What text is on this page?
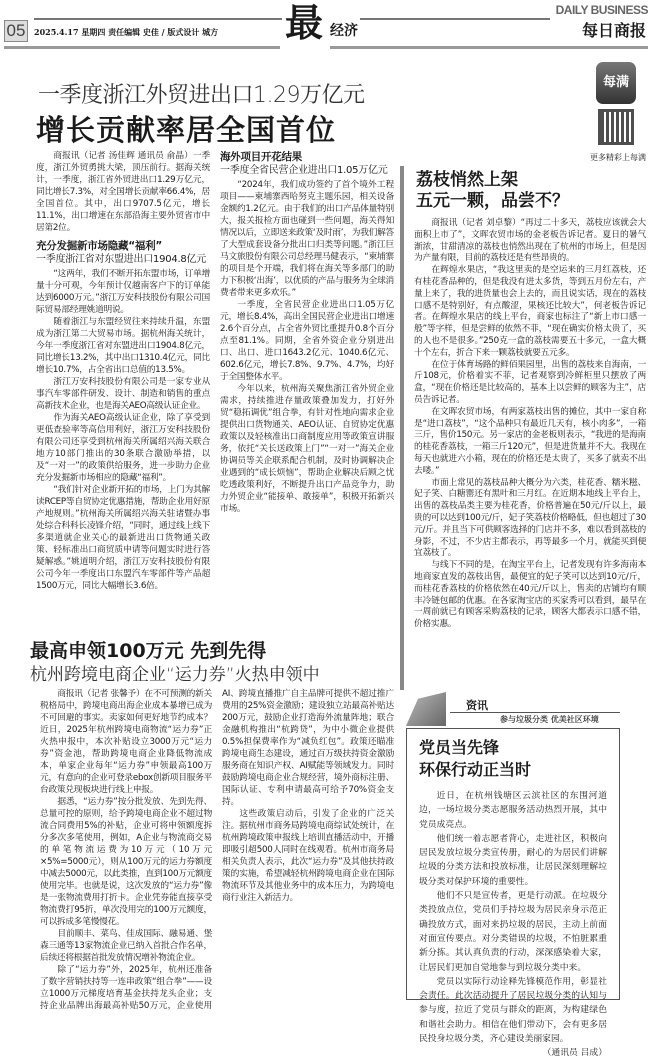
05	2025.4.17 星期四 责任编辑 史佳 / 版式设计 城方 最 经济
DAILY BUSINESS
每日商报
每满
更多精彩上每满
一季度浙江外贸进出口1.29万亿元
增长贡献率居全国首位

商报讯（记者 汤佳辉 通讯员 俞晶）一季度，浙江外贸勇挑大梁，顶压前行。据海关统计，一季度，浙江省外贸进出口1.29万亿元，同比增长7.3%，对全国增长贡献率66.4%，居全国首位。其中，出口9707.5亿元，增长11.1%，出口增速在东部沿海主要外贸省市中居第2位。

充分发掘新市场隐藏“福利”
一季度浙江省对东盟进出口1904.8亿元

“这两年，我们不断开拓东盟市场，订单增量十分可观，今年预计仅越南客户下的订单能达到6000万元。”浙江万安科技股份有限公司国际贸易部经理姚道明说。

随着浙江与东盟经贸往来持续升温，东盟成为浙江第二大贸易市场。据杭州海关统计，今年一季度浙江省对东盟进出口1904.8亿元，同比增长13.2%，其中出口1310.4亿元，同比增长10.7%，占全省出口总值的13.5%。

浙江万安科技股份有限公司是一家专业从事汽车零部件研发、设计、制造和销售的重点高新技术企业，也是海关AEO高级认证企业。

作为海关AEO高级认证企业，除了享受到更低查验率等高信用利好，浙江万安科技股份有限公司还享受到杭州海关所属绍兴海关联合地方10部门推出的30条联合激励举措，以及“一对一”的政策供给服务，进一步助力企业充分发掘新市场相应的隐藏“福利”。

“我们针对企业新开拓的市场，上门为其解读RCEP等自贸协定优惠措施，帮助企业用好原产地规则。”杭州海关所属绍兴海关驻诸暨办事处综合科科长凌锋介绍，“同时，通过线上线下多渠道就企业关心的最新进出口货物通关政策、轻标准出口商贸质申请等问题实时进行答疑解惑。”姚道明介绍，浙江万安科技股份有限公司今年一季度出口东盟汽车零部件等产品超1500万元，同比大幅增长3.6倍。

海外项目开花结果
一季度全省民营企业进出口1.05万亿元

“2024年，我们成功签约了首个境外工程项目——柬埔寨西哈努克主题乐园，相关设备金额约1.2亿元。由于我们的出口产品体量特别大，报关报检方面也碰到一些问题，海关得知情况以后，立即送来政策‘及时雨’，为我们解答了大型成套设备分批出口归类等问题。”浙江巨马文旅股份有限公司总经理马健表示，“柬埔寨的项目是个开端，我们将在海关等多部门的助力下积极‘出海’，以优质的产品与服务为全球消费者带来更多欢乐。”

一季度，全省民营企业进出口1.05万亿元，增长8.4%，高出全国民营企业进出口增速2.6个百分点，占全省外贸比重提升0.8个百分点至81.1%。同期，全省外资企业分别进出口、出口、进口1643.2亿元、1040.6亿元、602.6亿元，增长7.8%、9.7%、4.7%，均好于全国整体水平。

今年以来，杭州海关聚焦浙江省外贸企业需求，持续推进存量政策叠加发力，打好外贸“稳拓调优”组合拳，有针对性地向需求企业提供出口货物通关、AEO认证、自贸协定优惠政策以及轻核准出口商制度应用等政策宣讲服务，依托“关长送政策上门”“一对一”海关企业协调员等关企联系配合机制，及时协调解决企业遇到的“成长烦恼”，帮助企业解决后顾之忧吃透政策利好，不断提升出口产品竞争力，助力外贸企业“能接单、敢接单”，积极开拓新兴市场。

荔枝悄然上架
五元一颗，品尝不？

商报讯（记者 刘卓黎）“再过二十多天，荔枝应该就会大面积上市了”，文晖农贸市场的金老板告诉记者。夏日的暑气渐浓，甘甜清凉的荔枝也悄然出现在了杭州的市场上，但是因为产量有限，目前的荔枝还是有些昂贵的。

在辉煌水果店，“我这里卖的是空运来的三月红荔枝，还有桂花香品种的，但是我没有进太多货，等到五月份左右，产量上来了，我的进货量也会上去的，而且说实话，现在的荔枝口感不是特别好，有点酸涩，果核还比较大”，何老板告诉记者。在辉煌水果店的线上平台，商家也标注了“新上市口感一般”等字样，但是尝鲜的依然不菲，“现在确实价格太贵了，买的人也不是很多。”250克一盒的荔枝需要五十多元，一盒大概十个左右，折合下来一颗荔枝就要五元多。

在位于体育场路的鲜佰果园里，出售的荔枝来自海南，一斤108元，价格着实不菲，记者观察到冷鲜柜里只摆放了两盒，“现在价格还是比较高的，基本上以尝鲜的顾客为主”，店员告诉记者。

在文晖农贸市场，有两家荔枝出售的摊位，其中一家自称是“进口荔枝”，“这个品种只有最近几天有，核小肉多”，一箱三斤，售价150元。另一家店的金老板则表示，“我进的是海南的桂花香荔枝，一箱三斤120元”，但是进货量并不大。我现在每天也就进六小箱，现在的价格还是太贵了，买多了就卖不出去喽。”

市面上常见的荔枝品种大概分为六类，桂花香、糯米糍、妃子笑、白糖罂还有黑叶和三月红。在近期本地线上平台上，出售的荔枝品类主要为桂花香，价格普遍在50元/斤以上，最贵的可以达到100元/斤，妃子笑荔枝价格略低，但也超过了30元/斤。并且当下可供顾客选择的门店并不多，难以看到荔枝的身影，不过，不少店主都表示，再等最多一个月，就能买到便宜荔枝了。

与线下不同的是，在淘宝平台上，记者发现有许多海南本地商家直发的荔枝出售，最便宜的妃子笑可以达到10元/斤，而桂花香荔枝的价格依然在40元/斤以上，售卖的店铺均有顺丰冷链包邮的优惠。在各家淘宝店的买家秀可以看到，最早在一周前就已有顾客采购荔枝的记录，顾客大都表示口感不错，价格实惠。

最高申领100万元 先到先得
杭州跨境电商企业“运力券”火热申领中

商报讯（记者 张馨予）在不可预测的新关税格局中，跨境电商出海企业成本暴增已成为不可回避的事实。卖家如何更好地节约成本？近日，2025年杭州跨境电商物流“运力券”正火热申报中，本次补贴设立3000万元“运力券”资金池，帮助跨境电商企业降低物流成本，单家企业每年“运力券”申领最高100万元，有意向的企业可登录ebox创新项目服务平台政策兑现板块进行线上申报。

据悉，“运力券”按分批发放、先到先得、总量可控的原则，给予跨境电商企业不超过物流合同费用5%的补贴，企业可将申领额度拆分多次多笔使用，例如，A企业与物流商交易的单笔物流运费为10万元（10万元×5%=5000元），则从100万元的运力券额度中减去5000元，以此类推，直到100万元额度使用完毕。也就是说，这次发放的“运力券”像是一张物流费用打折卡。企业凭券能直接享受物流费打95折，单次没用完的100万元额度，可以拆成多笔慢慢花。

目前顺丰、菜鸟、佳成国际、融易通、堡森三通等13家物流企业已纳入首批合作名单，后续还将根据首批发放情况增补物流企业。

除了“运力券”外，2025年，杭州还准备了数字营销扶持等一连串政策“组合拳”——设立1000万元梯度培育基金扶持龙头企业；支持企业品牌出海最高补贴50万元，企业使用AI、跨境直播推广自主品牌可提供不超过推广费用的25%资金激励；建设独立站最高补贴达200万元，鼓励企业打造海外流量阵地；联合金融机构推出“杭跨贷”，为中小微企业提供0.5%担保费率作为“减负红包”。政策还瞄准跨境电商生态建设，通过百万级扶持资金激励服务商在知识产权、AI赋能等领域发力。同时鼓励跨境电商企业合规经营，境外商标注册、国际认证、专利申请最高可给予70%资金支持。

这些政策启动后，引发了企业的广泛关注。据杭州市商务局跨境电商综试处统计，在杭州跨境政策申报线上培训直播活动中，开播即吸引超500人同时在线观看。杭州市商务局相关负责人表示，此次“运力券”及其他扶持政策的实施，希望减轻杭州跨境电商企业在国际物流环节及其他业务中的成本压力，为跨境电商行业注入新活力。

资讯
参与垃圾分类 优美社区环境
党员当先锋
环保行动正当时

近日，在杭州钱塘区云滨社区的东围河道边，一场垃圾分类志愿服务活动热烈开展，其中党员成亮点。

他们统一着志愿者背心，走进社区，积极向居民发放垃圾分类宣传册，耐心的为居民们讲解垃圾的分类方法和投放标准，让居民深刻理解垃圾分类对保护环境的重要性。

他们不只是宣传者，更是行动派。在垃圾分类投放点位，党员们手持垃圾为居民亲身示范正确投放方式，面对来扔垃圾的居民，主动上前面对面宣传要点。对分类错误的垃圾，不怕脏累重新分拣。其认真负责的行动，深深感染着大家，让居民们更加自觉地参与到垃圾分类中来。

党员以实际行动诠释先锋模范作用，彰显社会责任。此次活动提升了居民垃圾分类的认知与参与度，拉近了党员与群众的距离，为构建绿色和谐社会助力。相信在他们带动下，会有更多居民投身垃圾分类，齐心建设美丽家园。

（通讯员 吕成）
